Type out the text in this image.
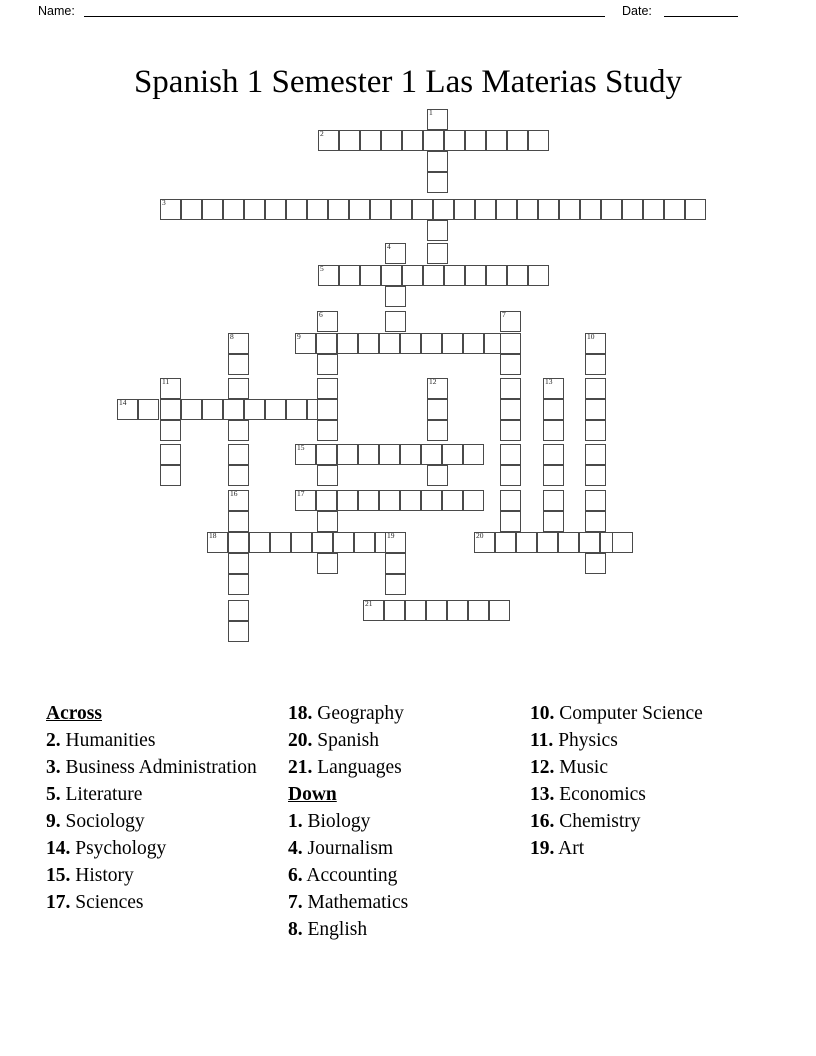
Name:	Date:
Spanish 1 Semester 1 Las Materias Study
1
2
3
4
5
6	7
8	10
9
11	12	13
14
15
16	17
18	19	20
21
Across
2. Humanities
3. Business Administration
5. Literature
9. Sociology
14. Psychology
15. History
17. Sciences
18. Geography
20. Spanish
21. Languages
Down
1. Biology
4. Journalism
6. Accounting
7. Mathematics
8. English
10. Computer Science
11. Physics
12. Music
13. Economics
16. Chemistry
19. Art
